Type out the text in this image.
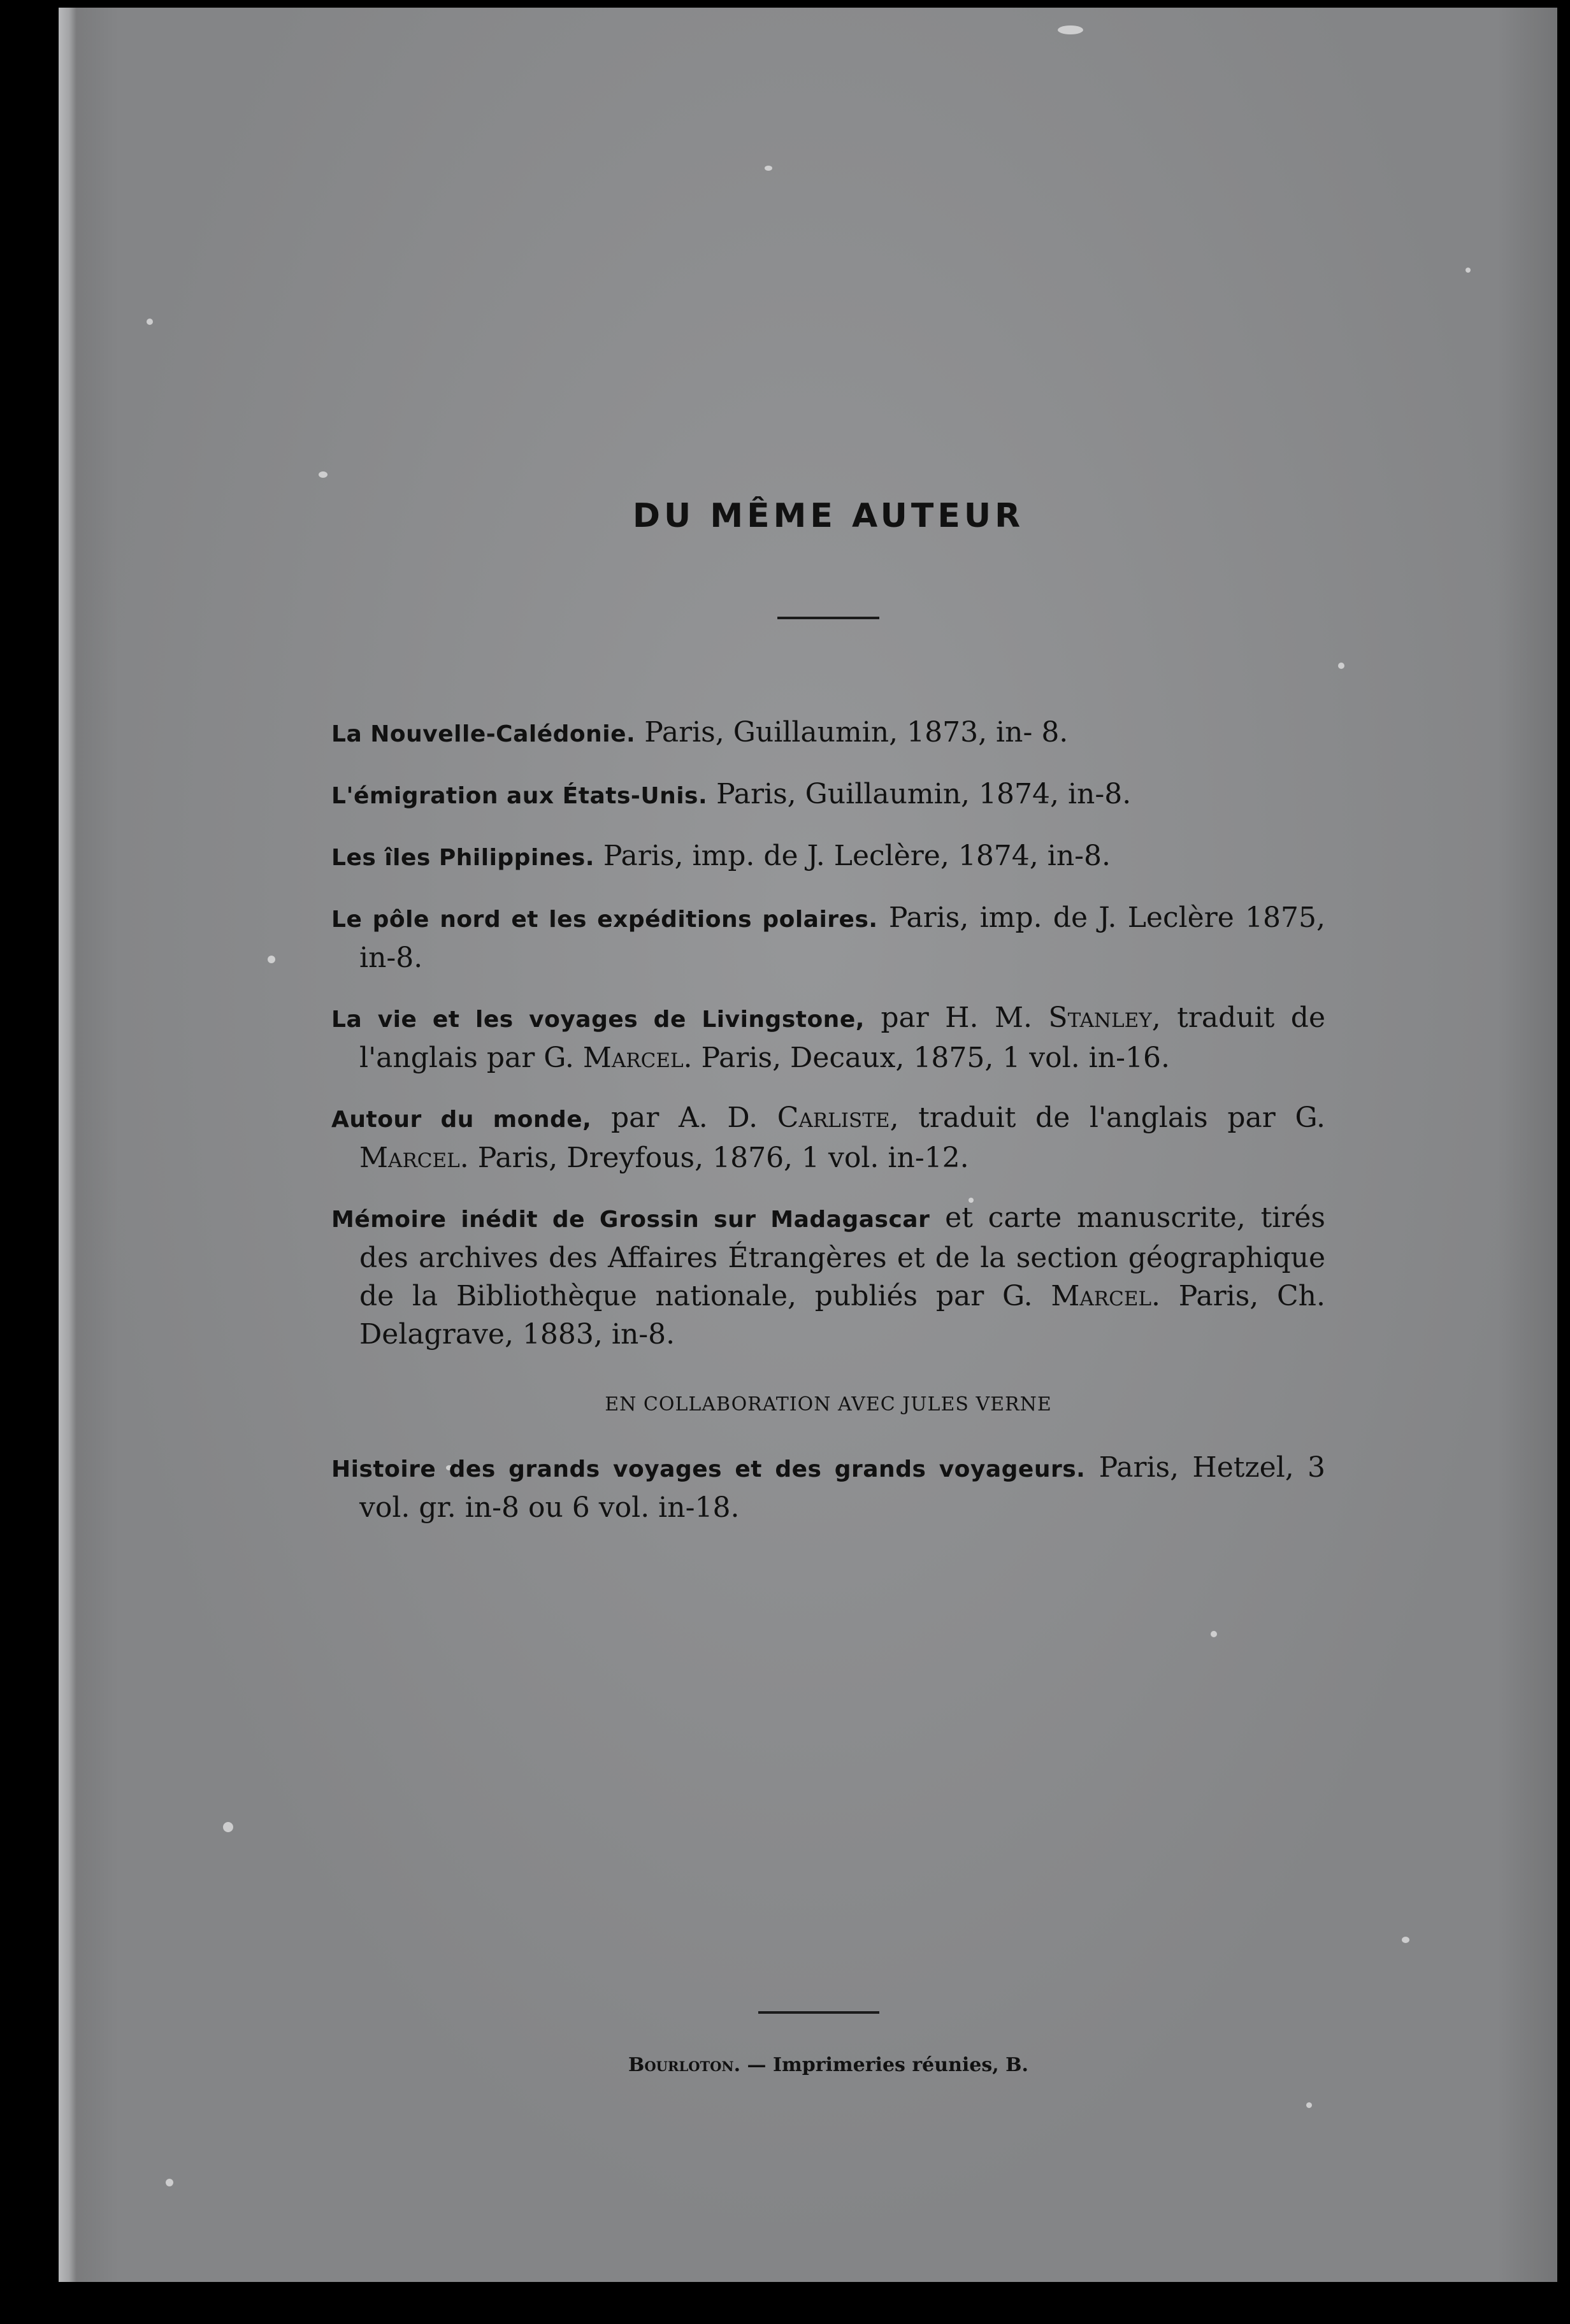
DU MÊME AUTEUR

La Nouvelle-Calédonie. Paris, Guillaumin, 1873, in- 8.

L'émigration aux États-Unis. Paris, Guillaumin, 1874, in-8.

Les îles Philippines. Paris, imp. de J. Leclère, 1874, in-8.

Le pôle nord et les expéditions polaires. Paris, imp. de J. Leclère 1875, in-8.

La vie et les voyages de Livingstone, par H. M. Stanley, traduit de l'anglais par G. Marcel. Paris, Decaux, 1875, 1 vol. in-16.

Autour du monde, par A. D. Carliste, traduit de l'anglais par G. Marcel. Paris, Dreyfous, 1876, 1 vol. in-12.

Mémoire inédit de Grossin sur Madagascar et carte manuscrite, tirés des archives des Affaires Étrangères et de la section géographique de la Bibliothèque nationale, publiés par G. Marcel. Paris, Ch. Delagrave, 1883, in-8.

EN COLLABORATION AVEC JULES VERNE

Histoire des grands voyages et des grands voyageurs. Paris, Hetzel, 3 vol. gr. in-8 ou 6 vol. in-18.

Bourloton. — Imprimeries réunies, B.
